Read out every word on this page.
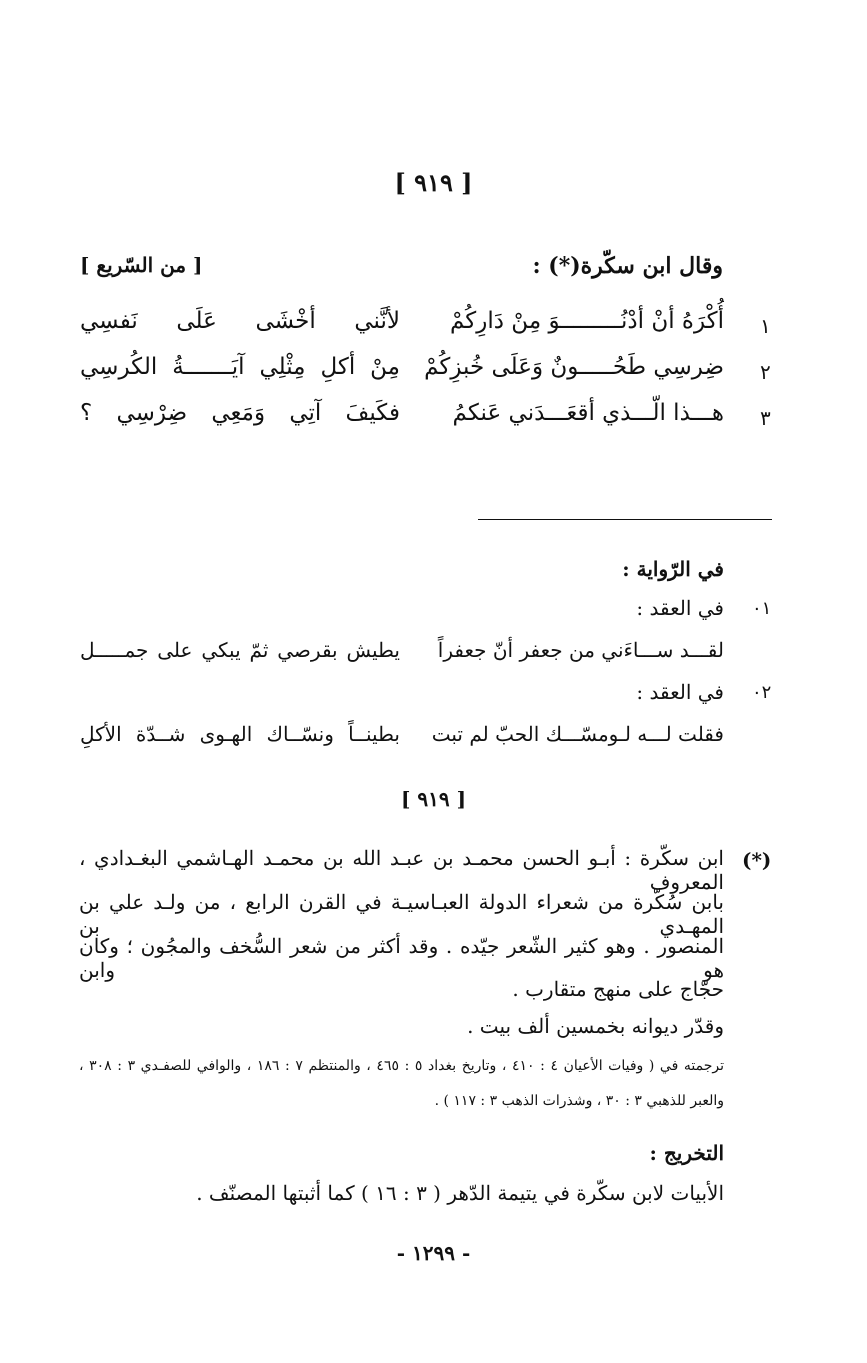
[ ٩١٩ ]
وقال ابن سكّرة(*) :
[ من السّريع ]
١
أُكْرَهُ أنْ أدْنُـــــــــوَ مِنْ دَارِكُمْ
لأنَّني أخْشَى عَلَى نَفسِي
٢
ضِرسِي طَحُـــــونٌ وَعَلَى خُبزِكُمْ
مِنْ أكلِ مِثْلِي آيَـــــــةُ الكُرسِي
٣
هـــذا الّـــذي أقعَـــدَني عَنكمُ
فكَيفَ آتِي وَمَعِي ضِرْسِي ؟
في الرّواية :
٠١
في العقد :
لقـــد ســـاءَني من جعفر أنّ جعفراً
يطيش بقرصي ثمّ يبكي على جمـــــل
٠٢
في العقد :
فقلت لـــه لـومسّـــك الحبّ لم تبت
بطينــاً ونسّــاك الهـوى شــدّة الأكلِ
[ ٩١٩ ]
(*)
ابن سكّرة : أبـو الحسن محمـد بن عبـد الله بن محمـد الهـاشمي البغـدادي ، المعروف
بابن سُكّرة من شعراء الدولة العبـاسيـة في القرن الرابع ، من ولـد علي بن المهـدي بن
المنصور . وهو كثير الشّعر جيّده . وقد أكثر من شعر السُّخف والمجُون ؛ وكان هو وابن
حجّاج على منهج متقارب .
وقدّر ديوانه بخمسين ألف بيت .
ترجمته في ( وفيات الأعيان ٤ : ٤١٠ ، وتاريخ بغداد ٥ : ٤٦٥ ، والمنتظم ٧ : ١٨٦ ، والوافي للصفـدي ٣ : ٣٠٨ ،
والعبر للذهبي ٣ : ٣٠ ، وشذرات الذهب ٣ : ١١٧ ) .
التخريج :
الأبيات لابن سكّرة في يتيمة الدّهر ( ٣ : ١٦ ) كما أثبتها المصنّف .
- ١٢٩٩ -
